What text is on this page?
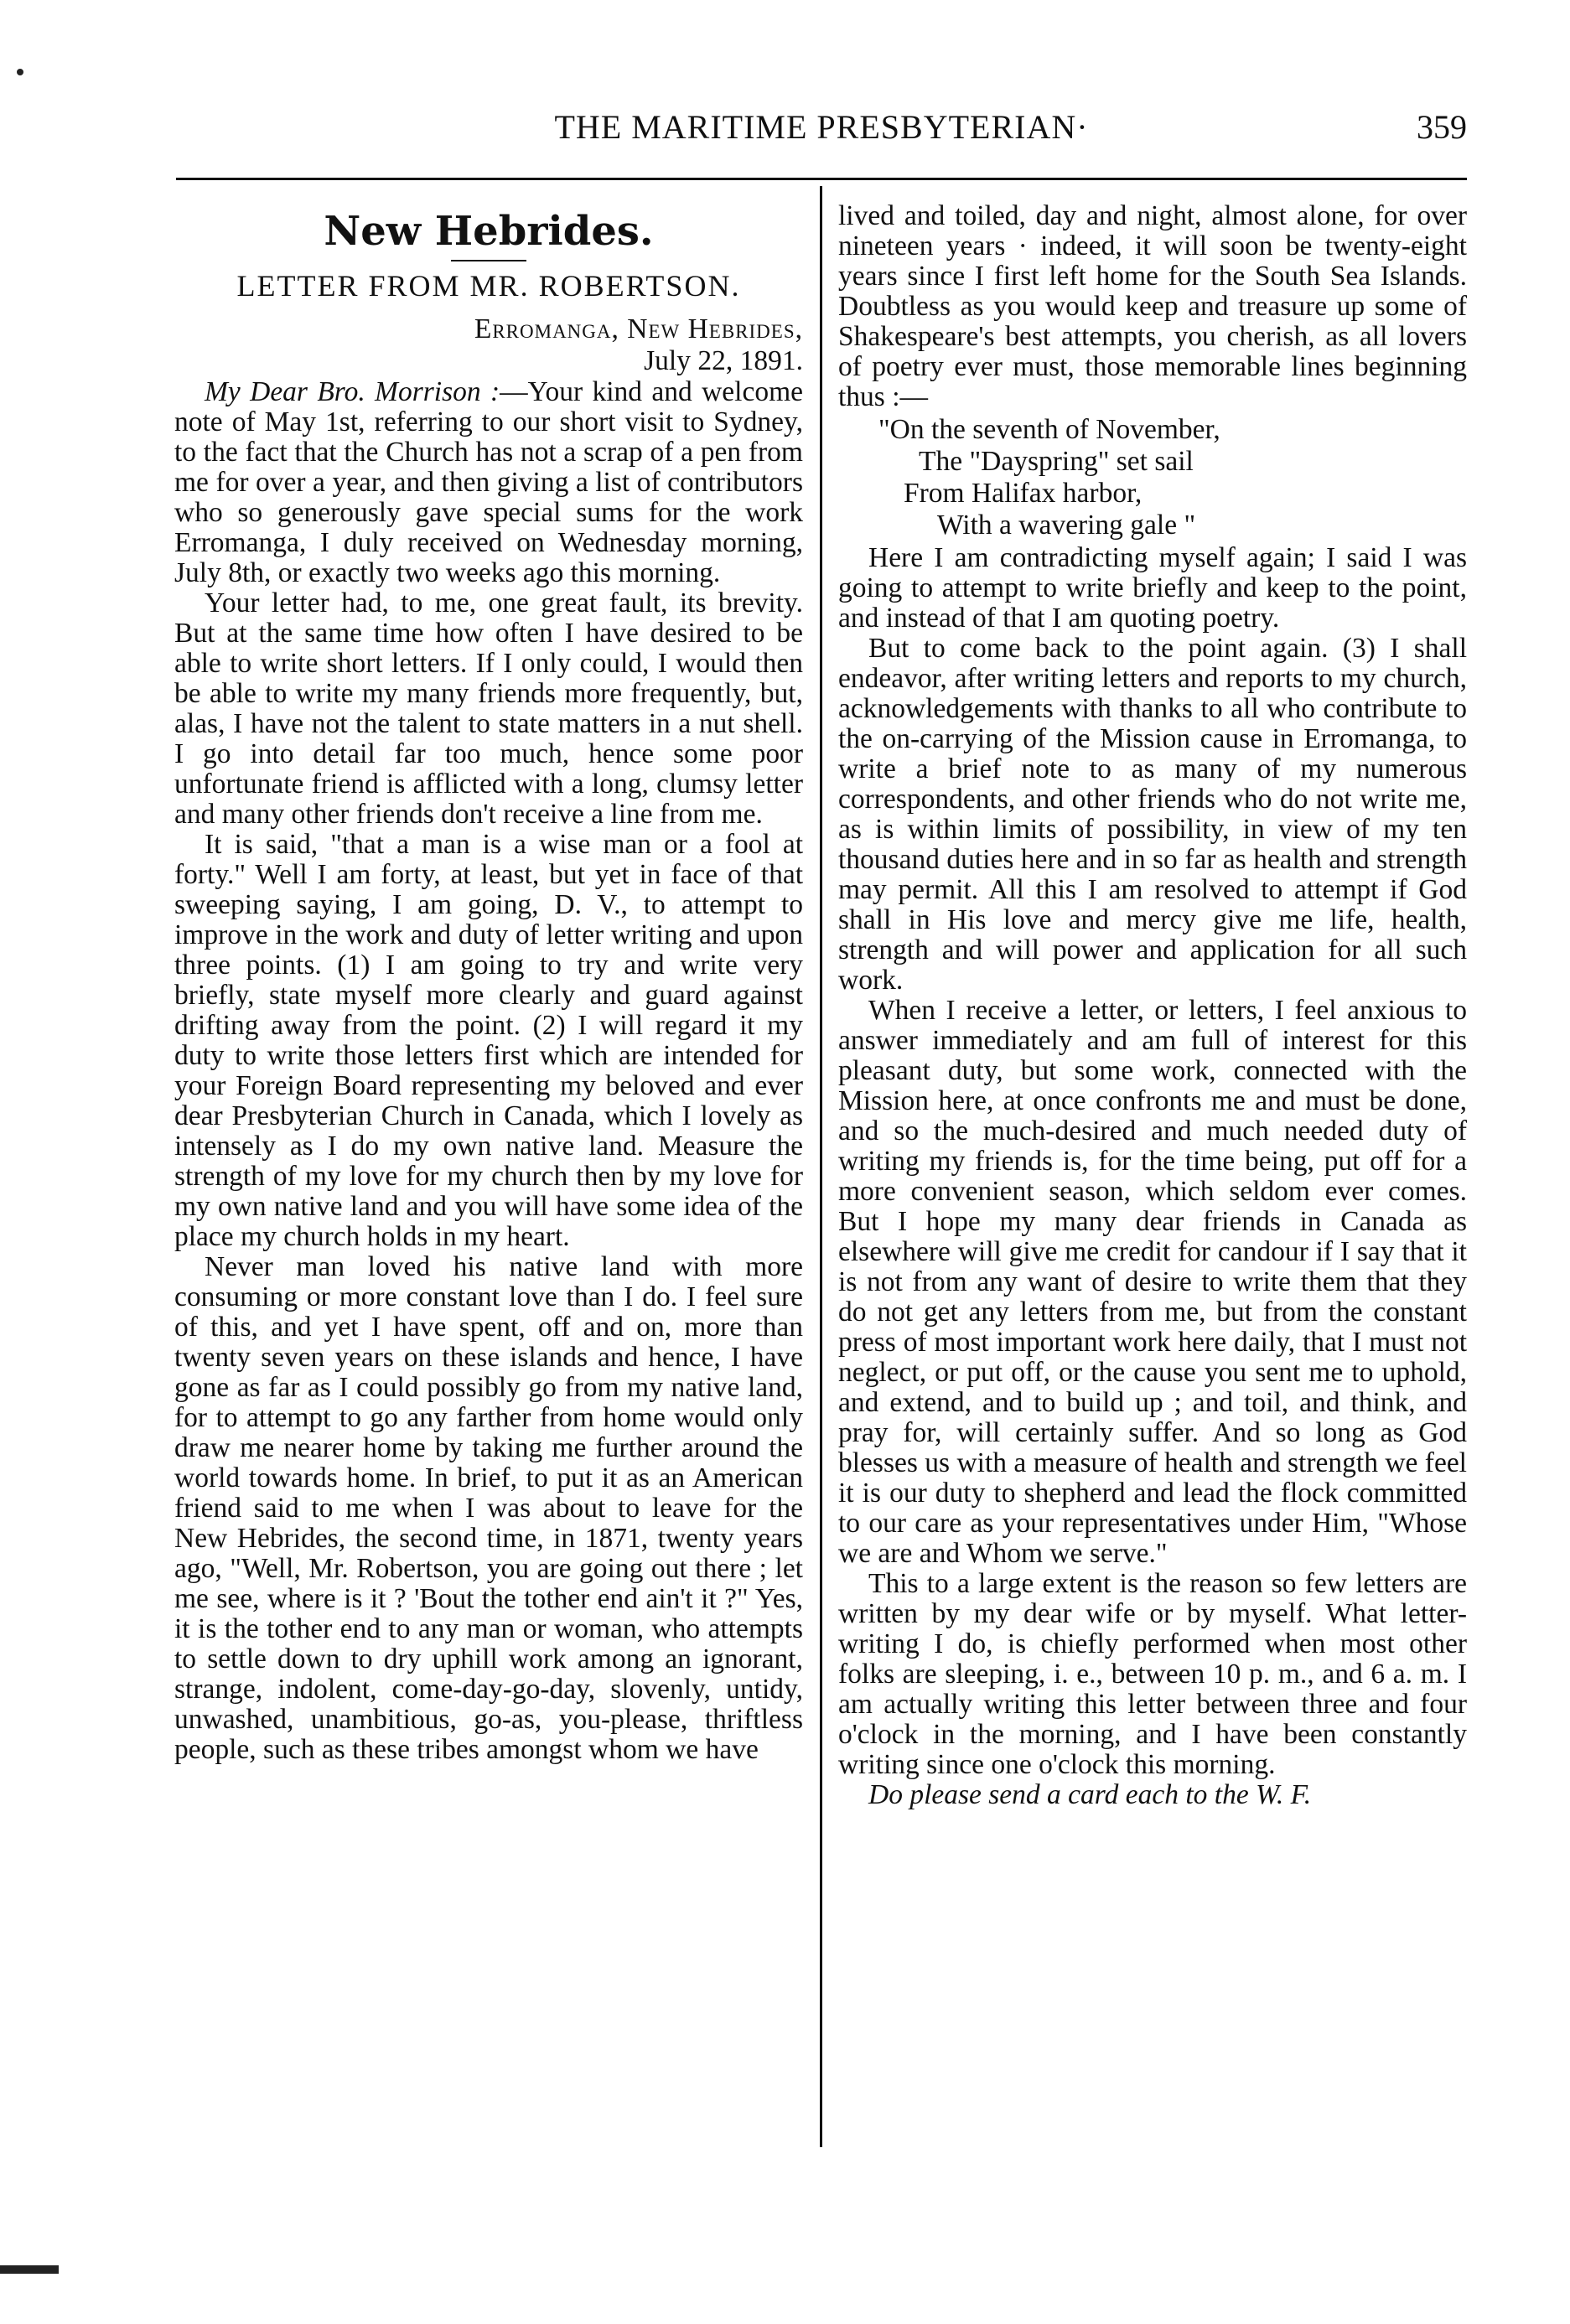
THE MARITIME PRESBYTERIAN·	359
New Hebrides.
LETTER FROM MR. ROBERTSON.
Erromanga, New Hebrides,
July 22, 1891.

My Dear Bro. Morrison :—Your kind and welcome note of May 1st, referring to our short visit to Sydney, to the fact that the Church has not a scrap of a pen from me for over a year, and then giving a list of contributors who so generously gave special sums for the work Erromanga, I duly received on Wednesday morning, July 8th, or exactly two weeks ago this morning.

Your letter had, to me, one great fault, its brevity. But at the same time how often I have desired to be able to write short letters. If I only could, I would then be able to write my many friends more frequently, but, alas, I have not the talent to state matters in a nut shell. I go into detail far too much, hence some poor unfortunate friend is afflicted with a long, clumsy letter and many other friends don't receive a line from me.

It is said, "that a man is a wise man or a fool at forty." Well I am forty, at least, but yet in face of that sweeping saying, I am going, D. V., to attempt to improve in the work and duty of letter writing and upon three points. (1) I am going to try and write very briefly, state myself more clearly and guard against drifting away from the point. (2) I will regard it my duty to write those letters first which are intended for your Foreign Board representing my beloved and ever dear Presbyterian Church in Canada, which I lovely as intensely as I do my own native land. Measure the strength of my love for my church then by my love for my own native land and you will have some idea of the place my church holds in my heart.

Never man loved his native land with more consuming or more constant love than I do. I feel sure of this, and yet I have spent, off and on, more than twenty seven years on these islands and hence, I have gone as far as I could possibly go from my native land, for to attempt to go any farther from home would only draw me nearer home by taking me further around the world towards home. In brief, to put it as an American friend said to me when I was about to leave for the New Hebrides, the second time, in 1871, twenty years ago, "Well, Mr. Robertson, you are going out there ; let me see, where is it ? 'Bout the tother end ain't it ?" Yes, it is the tother end to any man or woman, who attempts to settle down to dry uphill work among an ignorant, strange, indolent, come-day-go-day, slovenly, untidy, unwashed, unambitious, go-as, you-please, thriftless people, such as these tribes amongst whom we have

lived and toiled, day and night, almost alone, for over nineteen years · indeed, it will soon be twenty-eight years since I first left home for the South Sea Islands. Doubtless as you would keep and treasure up some of Shakespeare's best attempts, you cherish, as all lovers of poetry ever must, those memorable lines beginning thus :—

"On the seventh of November,
The "Dayspring" set sail
From Halifax harbor,
With a wavering gale "

Here I am contradicting myself again; I said I was going to attempt to write briefly and keep to the point, and instead of that I am quoting poetry.

But to come back to the point again. (3) I shall endeavor, after writing letters and reports to my church, acknowledgements with thanks to all who contribute to the on-carrying of the Mission cause in Erromanga, to write a brief note to as many of my numerous correspondents, and other friends who do not write me, as is within limits of possibility, in view of my ten thousand duties here and in so far as health and strength may permit. All this I am resolved to attempt if God shall in His love and mercy give me life, health, strength and will power and application for all such work.

When I receive a letter, or letters, I feel anxious to answer immediately and am full of interest for this pleasant duty, but some work, connected with the Mission here, at once confronts me and must be done, and so the much-desired and much needed duty of writing my friends is, for the time being, put off for a more convenient season, which seldom ever comes. But I hope my many dear friends in Canada as elsewhere will give me credit for candour if I say that it is not from any want of desire to write them that they do not get any letters from me, but from the constant press of most important work here daily, that I must not neglect, or put off, or the cause you sent me to uphold, and extend, and to build up ; and toil, and think, and pray for, will certainly suffer. And so long as God blesses us with a measure of health and strength we feel it is our duty to shepherd and lead the flock committed to our care as your representatives under Him, "Whose we are and Whom we serve."

This to a large extent is the reason so few letters are written by my dear wife or by myself. What letter-writing I do, is chiefly performed when most other folks are sleeping, i. e., between 10 p. m., and 6 a. m. I am actually writing this letter between three and four o'clock in the morning, and I have been constantly writing since one o'clock this morning.

Do please send a card each to the W. F.
